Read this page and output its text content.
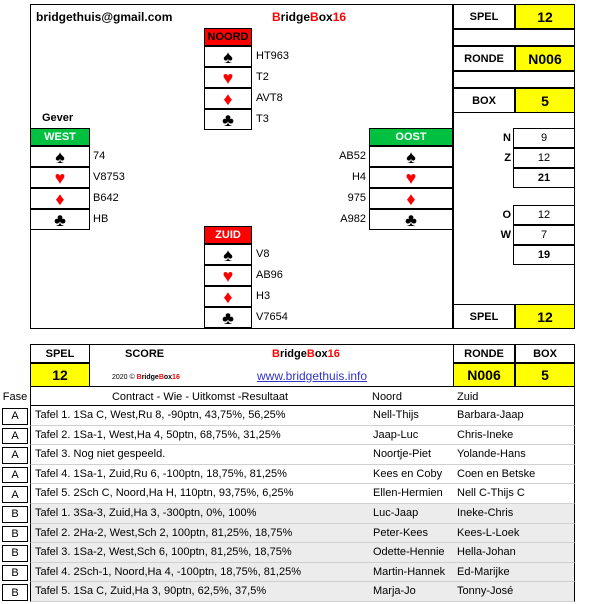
bridgethuis@gmail.com	BridgeBox16
NOORD
♠	HT963
♥	T2
♦	AVT8
♣	T3
Gever
WEST
♠	74
♥	V8753
♦	B642
♣	HB
OOST
AB52	♠
H4	♥
975	♦
A982	♣
ZUID
♠	V8
♥	AB96
♦	H3
♣	V7654
SPEL	12
RONDE	N006
BOX	5
N	9
Z	12
21
O	12
W	7
19
SPEL	12
SPEL	SCORE	BridgeBox16	RONDE	BOX
12	2020 © BridgeBox16	www.bridgethuis.info	N006	5
Fase	Contract - Wie - Uitkomst -Resultaat	Noord	Zuid
A	Tafel 1. 1Sa C, West,Ru 8, -90ptn, 43,75%, 56,25%	Nell-Thijs	Barbara-Jaap
A	Tafel 2. 1Sa-1, West,Ha 4, 50ptn, 68,75%, 31,25%	Jaap-Luc	Chris-Ineke
A	Tafel 3. Nog niet gespeeld.	Noortje-Piet	Yolande-Hans
A	Tafel 4. 1Sa-1, Zuid,Ru 6, -100ptn, 18,75%, 81,25%	Kees en Coby	Coen en Betske
A	Tafel 5. 2Sch C, Noord,Ha H, 110ptn, 93,75%, 6,25%	Ellen-Hermien	Nell C-Thijs C
B	Tafel 1. 3Sa-3, Zuid,Ha 3, -300ptn, 0%, 100%	Luc-Jaap	Ineke-Chris
B	Tafel 2. 2Ha-2, West,Sch 2, 100ptn, 81,25%, 18,75%	Peter-Kees	Kees-L-Loek
B	Tafel 3. 1Sa-2, West,Sch 6, 100ptn, 81,25%, 18,75%	Odette-Hennie	Hella-Johan
B	Tafel 4. 2Sch-1, Noord,Ha 4, -100ptn, 18,75%, 81,25%	Martin-Hannek	Ed-Marijke
B	Tafel 5. 1Sa C, Zuid,Ha 3, 90ptn, 62,5%, 37,5%	Marja-Jo	Tonny-José
